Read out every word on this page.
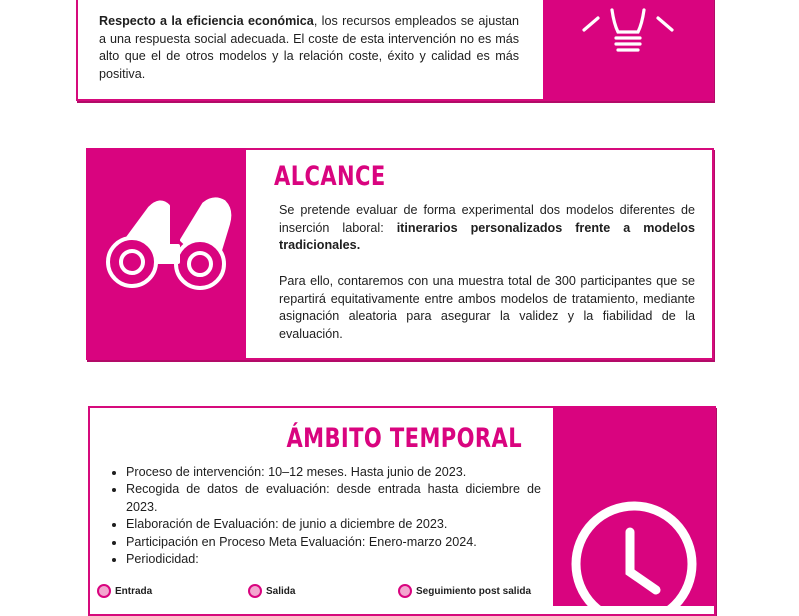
Respecto a la eficiencia económica, los recursos empleados se ajustan a una respuesta social adecuada. El coste de esta intervención no es más alto que el de otros modelos y la relación coste, éxito y calidad es más positiva.

ALCANCE

Se pretende evaluar de forma experimental dos modelos diferentes de inserción laboral: itinerarios personalizados frente a modelos tradicionales.

Para ello, contaremos con una muestra total de 300 participantes que se repartirá equitativamente entre ambos modelos de tratamiento, mediante asignación aleatoria para asegurar la validez y la fiabilidad de la evaluación.

ÁMBITO TEMPORAL
• Proceso de intervención: 10–12 meses. Hasta junio de 2023.
• Recogida de datos de evaluación: desde entrada hasta diciembre de 2023.
• Elaboración de Evaluación: de junio a diciembre de 2023.
• Participación en Proceso Meta Evaluación: Enero-marzo 2024.
• Periodicidad:
Entrada	Salida	Seguimiento post salida
